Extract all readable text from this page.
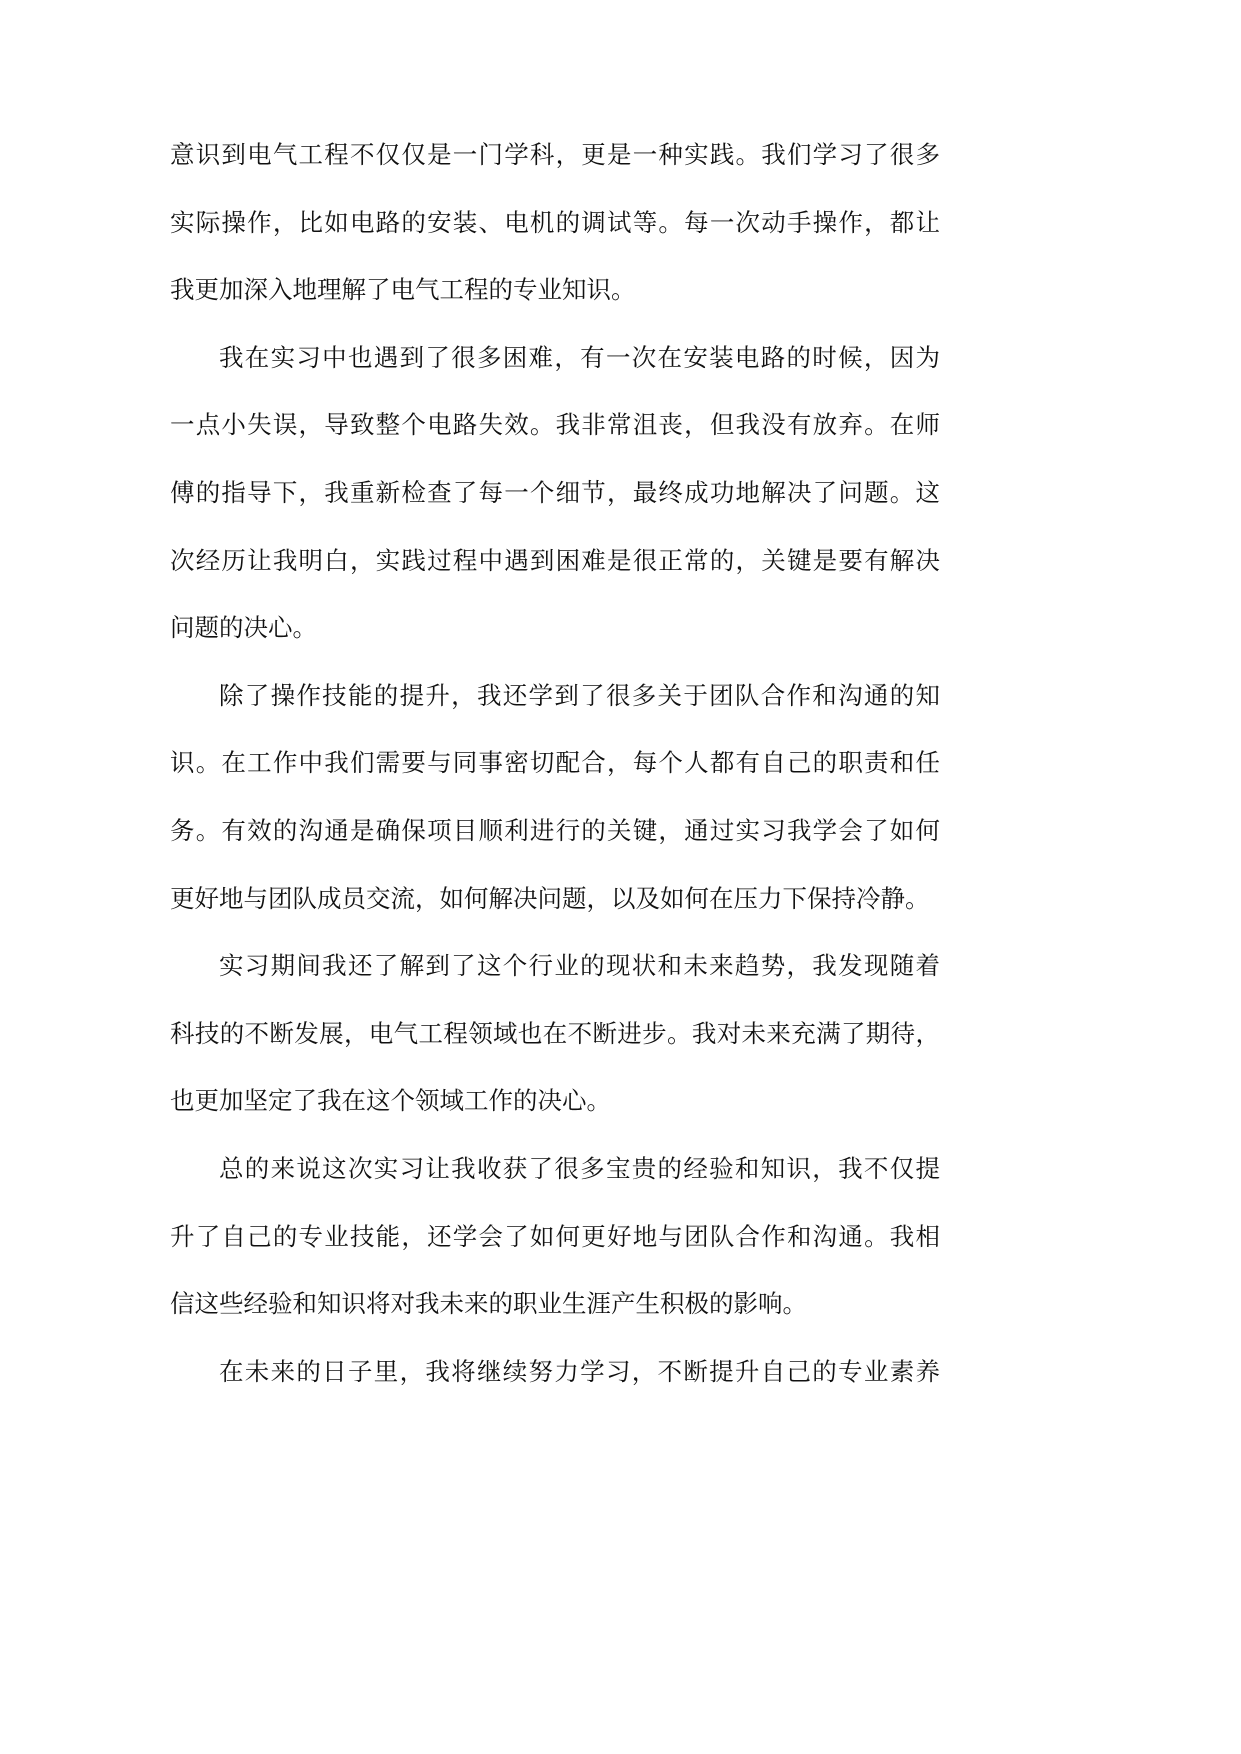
意识到电气工程不仅仅是一门学科，更是一种实践。我们学习了很多
实际操作，比如电路的安装、电机的调试等。每一次动手操作，都让
我更加深入地理解了电气工程的专业知识。
我在实习中也遇到了很多困难，有一次在安装电路的时候，因为
一点小失误，导致整个电路失效。我非常沮丧，但我没有放弃。在师
傅的指导下，我重新检查了每一个细节，最终成功地解决了问题。这
次经历让我明白，实践过程中遇到困难是很正常的，关键是要有解决
问题的决心。
除了操作技能的提升，我还学到了很多关于团队合作和沟通的知
识。在工作中我们需要与同事密切配合，每个人都有自己的职责和任
务。有效的沟通是确保项目顺利进行的关键，通过实习我学会了如何
更好地与团队成员交流，如何解决问题，以及如何在压力下保持冷静。
实习期间我还了解到了这个行业的现状和未来趋势，我发现随着
科技的不断发展，电气工程领域也在不断进步。我对未来充满了期待，
也更加坚定了我在这个领域工作的决心。
总的来说这次实习让我收获了很多宝贵的经验和知识，我不仅提
升了自己的专业技能，还学会了如何更好地与团队合作和沟通。我相
信这些经验和知识将对我未来的职业生涯产生积极的影响。
在未来的日子里，我将继续努力学习，不断提升自己的专业素养
